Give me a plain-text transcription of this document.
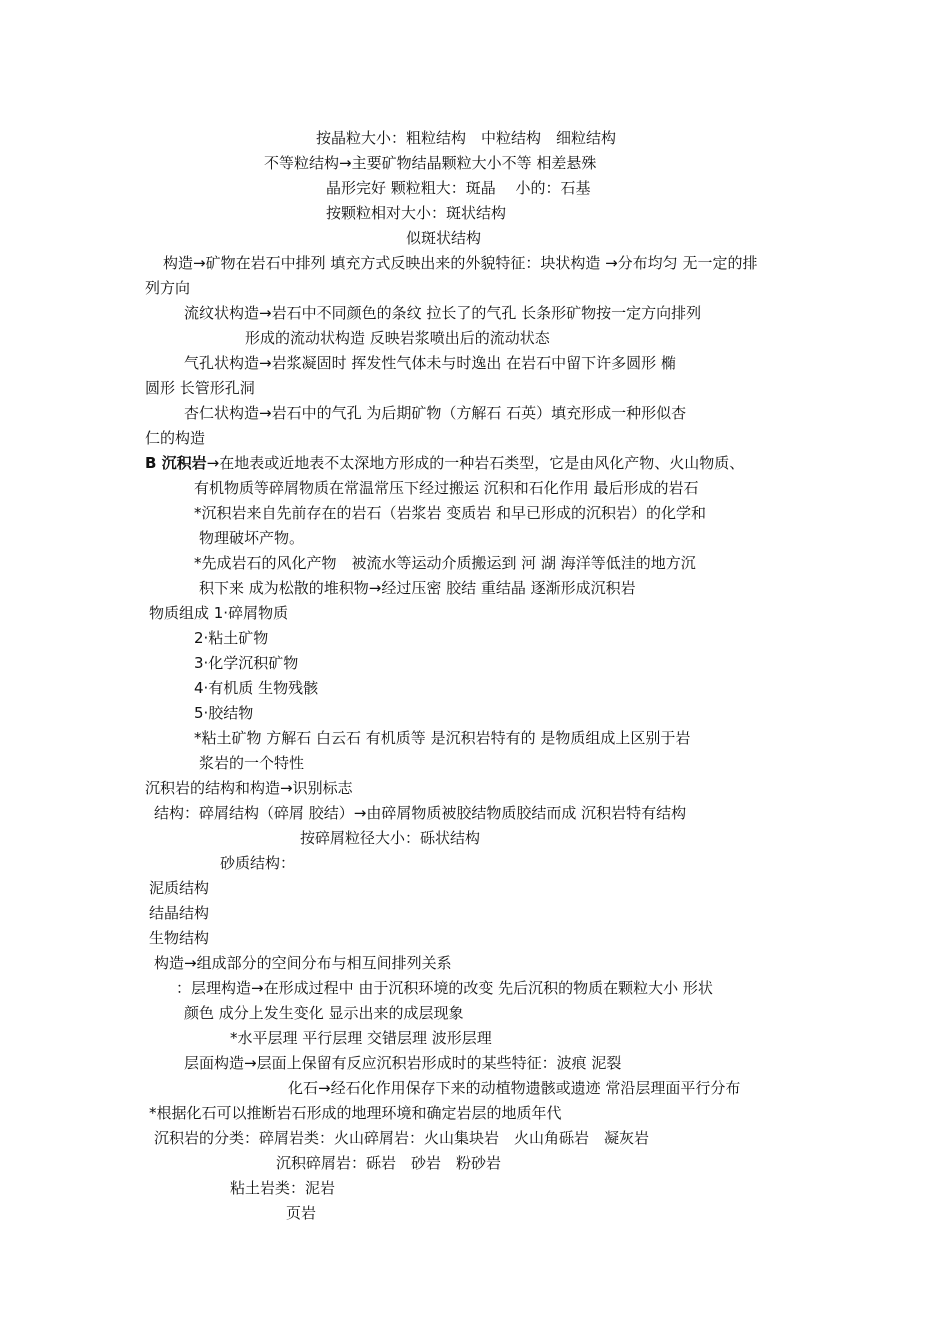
按晶粒大小：粗粒结构　中粒结构　细粒结构
不等粒结构→主要矿物结晶颗粒大小不等 相差悬殊
晶形完好 颗粒粗大：斑晶　 小的：石基
按颗粒相对大小：斑状结构
似斑状结构
构造→矿物在岩石中排列 填充方式反映出来的外貌特征：块状构造 →分布均匀 无一定的排
列方向
流纹状构造→岩石中不同颜色的条纹 拉长了的气孔 长条形矿物按一定方向排列
形成的流动状构造 反映岩浆喷出后的流动状态
气孔状构造→岩浆凝固时 挥发性气体未与时逸出 在岩石中留下许多圆形 椭
圆形 长管形孔洞
杏仁状构造→岩石中的气孔 为后期矿物（方解石 石英）填充形成一种形似杏
仁的构造
B 沉积岩→在地表或近地表不太深地方形成的一种岩石类型，它是由风化产物、火山物质、
有机物质等碎屑物质在常温常压下经过搬运 沉积和石化作用 最后形成的岩石
*沉积岩来自先前存在的岩石（岩浆岩 变质岩 和早已形成的沉积岩）的化学和
物理破坏产物。
*先成岩石的风化产物　被流水等运动介质搬运到 河 湖 海洋等低洼的地方沉
积下来 成为松散的堆积物→经过压密 胶结 重结晶 逐渐形成沉积岩
物质组成 1·碎屑物质
2·粘土矿物
3·化学沉积矿物
4·有机质 生物残骸
5·胶结物
*粘土矿物 方解石 白云石 有机质等 是沉积岩特有的 是物质组成上区别于岩
浆岩的一个特性
沉积岩的结构和构造→识别标志
结构：碎屑结构（碎屑 胶结）→由碎屑物质被胶结物质胶结而成 沉积岩特有结构
按碎屑粒径大小：砾状结构
砂质结构：
泥质结构
结晶结构
生物结构
构造→组成部分的空间分布与相互间排列关系
：层理构造→在形成过程中 由于沉积环境的改变 先后沉积的物质在颗粒大小 形状
颜色 成分上发生变化 显示出来的成层现象
*水平层理 平行层理 交错层理 波形层理
层面构造→层面上保留有反应沉积岩形成时的某些特征：波痕 泥裂
化石→经石化作用保存下来的动植物遗骸或遗迹 常沿层理面平行分布
*根据化石可以推断岩石形成的地理环境和确定岩层的地质年代
沉积岩的分类：碎屑岩类：火山碎屑岩：火山集块岩　火山角砾岩　凝灰岩
沉积碎屑岩：砾岩　砂岩　粉砂岩
粘土岩类：泥岩
页岩
